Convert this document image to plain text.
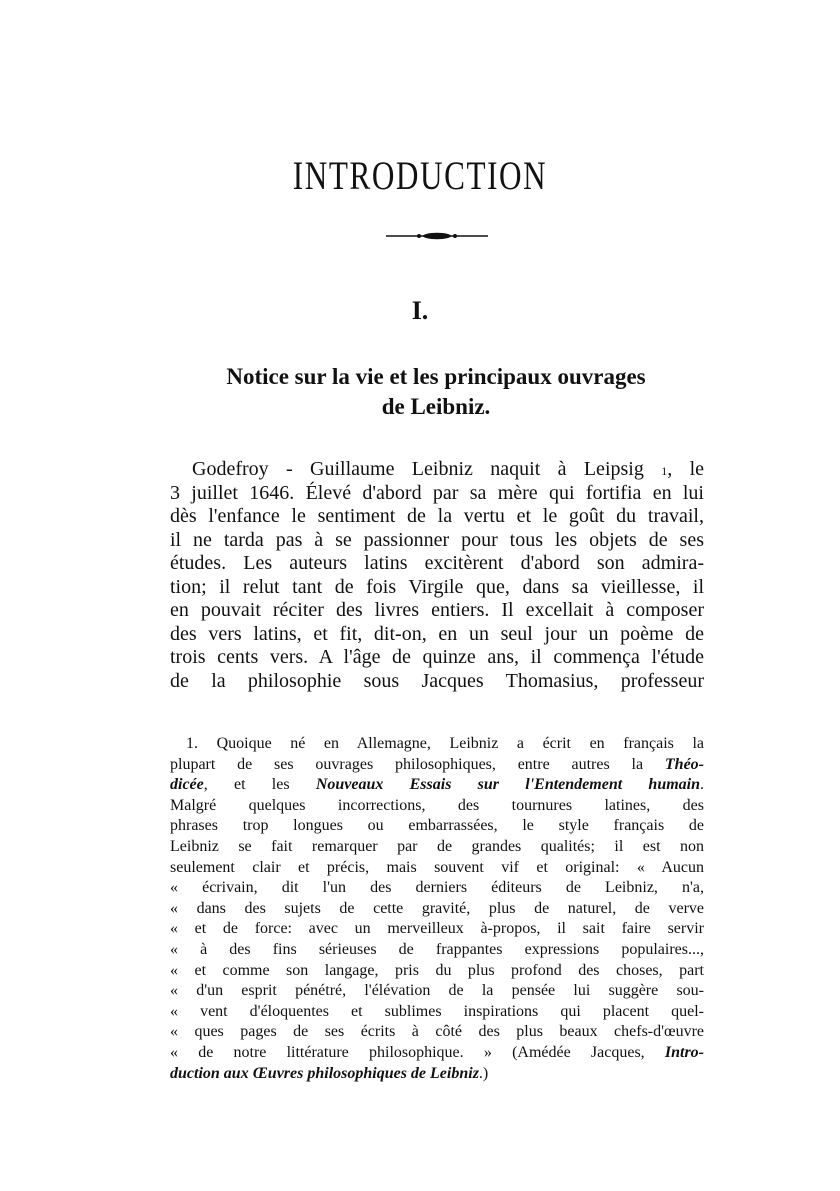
INTRODUCTION
I.
Notice sur la vie et les principaux ouvrages
de Leibniz.
Godefroy - Guillaume Leibniz naquit à Leipsig $^1$, le
3 juillet 1646. Élevé d'abord par sa mère qui fortifia en lui
dès l'enfance le sentiment de la vertu et le goût du travail,
il ne tarda pas à se passionner pour tous les objets de ses
études. Les auteurs latins excitèrent d'abord son admira-
tion; il relut tant de fois Virgile que, dans sa vieillesse, il
en pouvait réciter des livres entiers. Il excellait à composer
des vers latins, et fit, dit-on, en un seul jour un poème de
trois cents vers. A l'âge de quinze ans, il commença l'étude
de la philosophie sous Jacques Thomasius, professeur
1. Quoique né en Allemagne, Leibniz a écrit en français la
plupart de ses ouvrages philosophiques, entre autres la Théo-
dicée, et les Nouveaux Essais sur l'Entendement humain.
Malgré quelques incorrections, des tournures latines, des
phrases trop longues ou embarrassées, le style français de
Leibniz se fait remarquer par de grandes qualités; il est non
seulement clair et précis, mais souvent vif et original: « Aucun
« écrivain, dit l'un des derniers éditeurs de Leibniz, n'a,
« dans des sujets de cette gravité, plus de naturel, de verve
« et de force: avec un merveilleux à-propos, il sait faire servir
« à des fins sérieuses de frappantes expressions populaires...,
« et comme son langage, pris du plus profond des choses, part
« d'un esprit pénétré, l'élévation de la pensée lui suggère sou-
« vent d'éloquentes et sublimes inspirations qui placent quel-
« ques pages de ses écrits à côté des plus beaux chefs-d'œuvre
« de notre littérature philosophique. » (Amédée Jacques, Intro-
duction aux Œuvres philosophiques de Leibniz.)
